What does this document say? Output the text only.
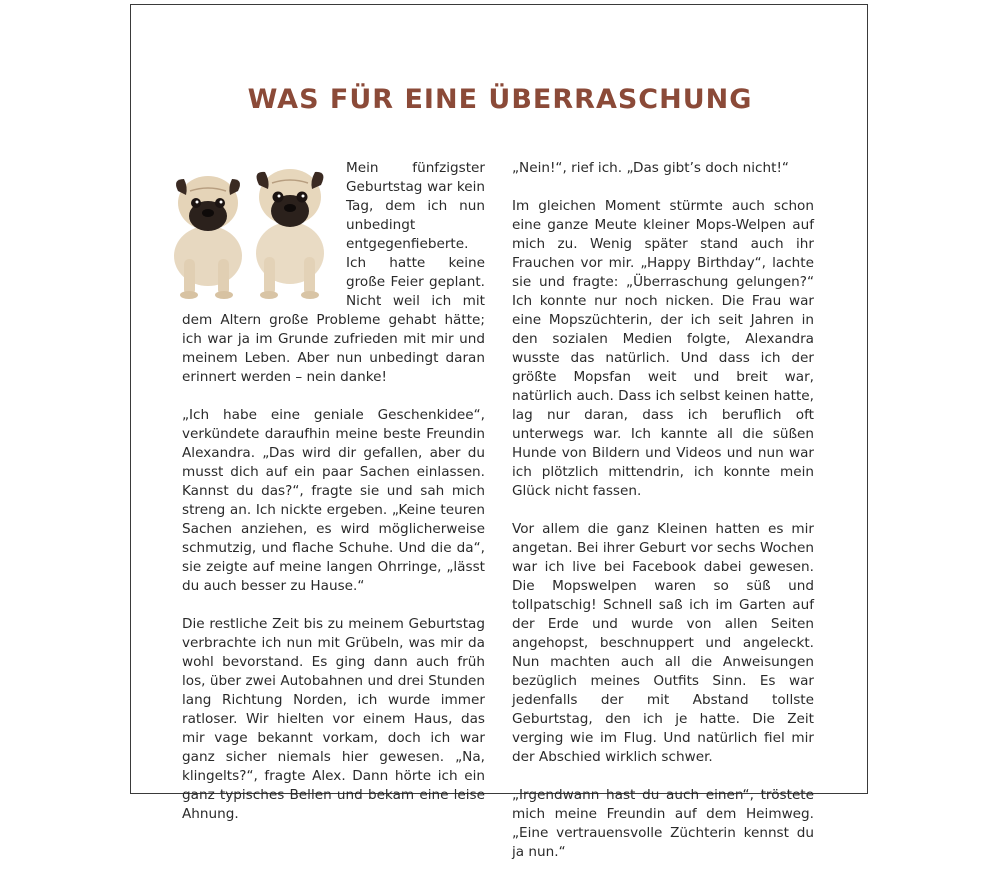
WAS FÜR EINE ÜBERRASCHUNG

Mein fünfzigster Geburtstag war kein Tag, dem ich nun unbedingt entgegenfieberte. Ich hatte keine große Feier geplant. Nicht weil ich mit dem Altern große Probleme gehabt hätte; ich war ja im Grunde zufrieden mit mir und meinem Leben. Aber nun unbedingt daran erinnert werden – nein danke!

„Ich habe eine geniale Geschenkidee“, verkündete daraufhin meine beste Freundin Alexandra. „Das wird dir gefallen, aber du musst dich auf ein paar Sachen einlassen. Kannst du das?“, fragte sie und sah mich streng an. Ich nickte ergeben. „Keine teuren Sachen anziehen, es wird möglicherweise schmutzig, und flache Schuhe. Und die da“, sie zeigte auf meine langen Ohrringe, „lässt du auch besser zu Hause.“

Die restliche Zeit bis zu meinem Geburtstag verbrachte ich nun mit Grübeln, was mir da wohl bevorstand. Es ging dann auch früh los, über zwei Autobahnen und drei Stunden lang Richtung Norden, ich wurde immer ratloser. Wir hielten vor einem Haus, das mir vage bekannt vorkam, doch ich war ganz sicher niemals hier gewesen. „Na, klingelts?“, fragte Alex. Dann hörte ich ein ganz typisches Bellen und bekam eine leise Ahnung.

„Nein!“, rief ich. „Das gibt’s doch nicht!“

Im gleichen Moment stürmte auch schon eine ganze Meute kleiner Mops-Welpen auf mich zu. Wenig später stand auch ihr Frauchen vor mir. „Happy Birthday“, lachte sie und fragte: „Überraschung gelungen?“ Ich konnte nur noch nicken. Die Frau war eine Mopszüchterin, der ich seit Jahren in den sozialen Medien folgte, Alexandra wusste das natürlich. Und dass ich der größte Mopsfan weit und breit war, natürlich auch. Dass ich selbst keinen hatte, lag nur daran, dass ich beruflich oft unterwegs war. Ich kannte all die süßen Hunde von Bildern und Videos und nun war ich plötzlich mittendrin, ich konnte mein Glück nicht fassen.

Vor allem die ganz Kleinen hatten es mir angetan. Bei ihrer Geburt vor sechs Wochen war ich live bei Facebook dabei gewesen. Die Mopswelpen waren so süß und tollpatschig! Schnell saß ich im Garten auf der Erde und wurde von allen Seiten angehopst, beschnuppert und angeleckt. Nun machten auch all die Anweisungen bezüglich meines Outfits Sinn. Es war jedenfalls der mit Abstand tollste Geburtstag, den ich je hatte. Die Zeit verging wie im Flug. Und natürlich fiel mir der Abschied wirklich schwer.

„Irgendwann hast du auch einen“, tröstete mich meine Freundin auf dem Heimweg. „Eine vertrauensvolle Züchterin kennst du ja nun.“
